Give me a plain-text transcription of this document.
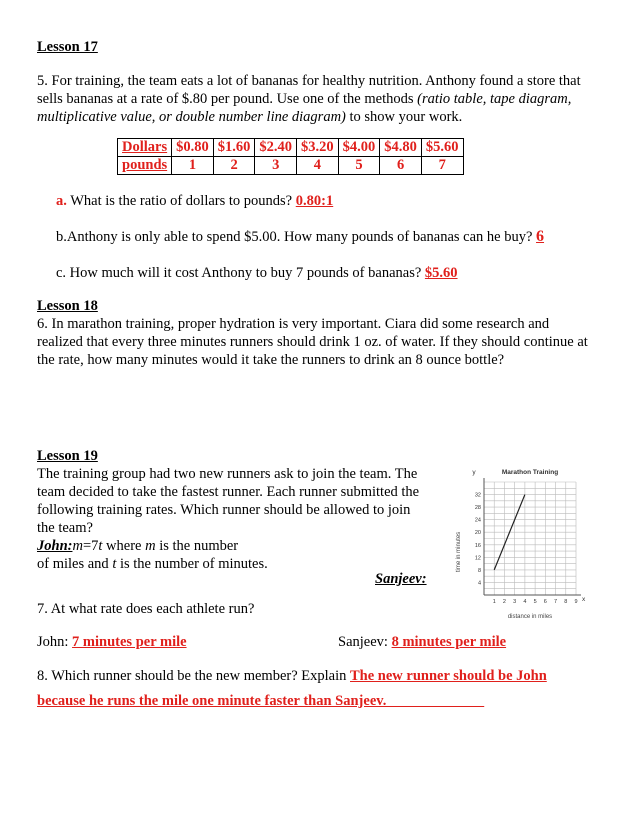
Lesson 17
5. For training, the team eats a lot of bananas for healthy nutrition. Anthony found a store that
sells bananas at a rate of $.80 per pound. Use one of the methods (ratio table, tape diagram,
multiplicative value, or double number line diagram) to show your work.
Dollars	$0.80	$1.60	$2.40	$3.20	$4.00	$4.80	$5.60
pounds	1	2	3	4	5	6	7
a. What is the ratio of dollars to pounds? 0.80:1
b.Anthony is only able to spend $5.00. How many pounds of bananas can he buy? 6
c. How much will it cost Anthony to buy 7 pounds of bananas? $5.60
Lesson 18
6. In marathon training, proper hydration is very important. Ciara did some research and
realized that every three minutes runners should drink 1 oz. of water. If they should continue at
the rate, how many minutes would it take the runners to drink an 8 ounce bottle?
Lesson 19
The training group had two new runners ask to join the team. The
team decided to take the fastest runner. Each runner submitted the
following training rates. Which runner should be allowed to join
the team?
John:m=7t where m is the number
of miles and t is the number of minutes.
Sanjeev:
1 2 3 4 5 6 7 8 9
4
8
12
16
20
24
28
32
Marathon Training
y
x
distance in miles
time in minutes
7. At what rate does each athlete run?
John: 7 minutes per mile	Sanjeev: 8 minutes per mile
8. Which runner should be the new member? Explain The new runner should be John
because he runs the mile one minute faster than Sanjeev.
